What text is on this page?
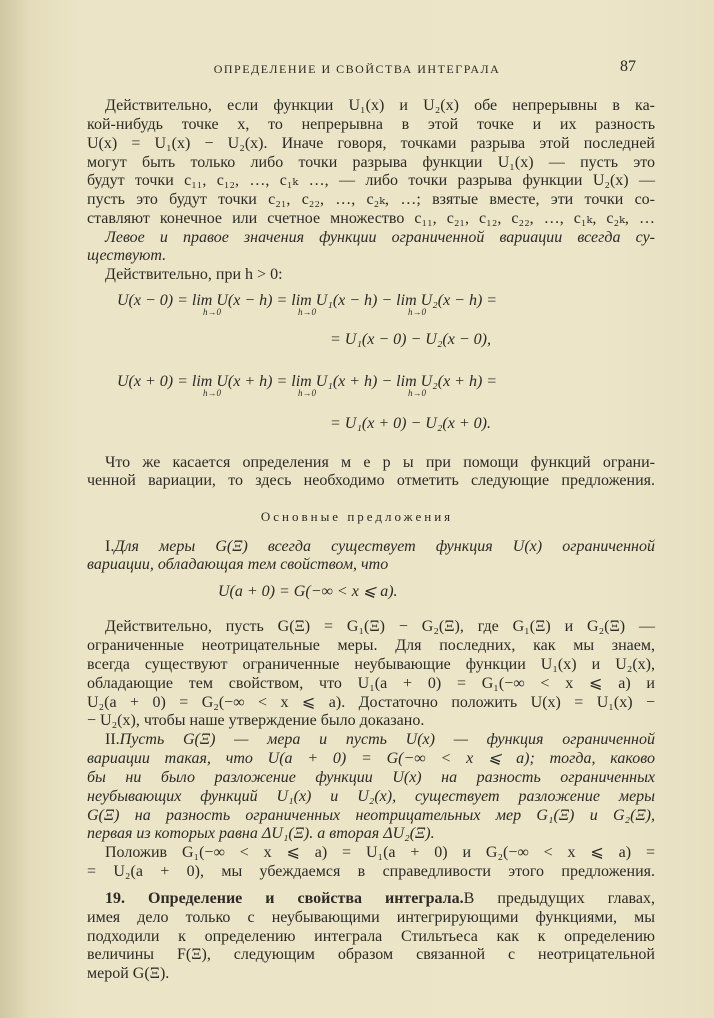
ОПРЕДЕЛЕНИЕ И СВОЙСТВА ИНТЕГРАЛА	87
Основные предложения
Действительно, если функции U₁(x) и U₂(x) обе непрерывны в ка-
кой-нибудь точке x, то непрерывна в этой точке и их разность
U(x) = U₁(x) − U₂(x). Иначе говоря, точками разрыва этой последней
могут быть только либо точки разрыва функции U₁(x) — пусть это
будут точки c₁₁, c₁₂, …, c₁ₖ …, — либо точки разрыва функции U₂(x) —
пусть это будут точки c₂₁, c₂₂, …, c₂ₖ, …; взятые вместе, эти точки со-
ставляют конечное или счетное множество c₁₁, c₂₁, c₁₂, c₂₂, …, c₁ₖ, c₂ₖ, …
Левое и правое значения функции ограниченной вариации всегда су-
ществуют.
Действительно, при h > 0:
Что же касается определения м е р ы при помощи функций ограни-
ченной вариации, то здесь необходимо отметить следующие предложения.
I.Для меры G(Ξ) всегда существует функция U(x) ограниченной
вариации, обладающая тем свойством, что
Действительно, пусть G(Ξ) = G₁(Ξ) − G₂(Ξ), где G₁(Ξ) и G₂(Ξ) —
ограниченные неотрицательные меры. Для последних, как мы знаем,
всегда существуют ограниченные неубывающие функции U₁(x) и U₂(x),
обладающие тем свойством, что U₁(a + 0) = G₁(−∞ < x ⩽ a) и
U₂(a + 0) = G₂(−∞ < x ⩽ a). Достаточно положить U(x) = U₁(x) −
− U₂(x), чтобы наше утверждение было доказано.
II.Пусть G(Ξ) — мера и пусть U(x) — функция ограниченной
вариации такая, что U(a + 0) = G(−∞ < x ⩽ a); тогда, каково
бы ни было разложение функции U(x) на разность ограниченных
неубывающих функций U₁(x) и U₂(x), существует разложение меры
G(Ξ) на разность ограниченных неотрицательных мер G₁(Ξ) и G₂(Ξ),
первая из которых равна ΔU₁(Ξ). а вторая ΔU₂(Ξ).
Положив G₁(−∞ < x ⩽ a) = U₁(a + 0) и G₂(−∞ < x ⩽ a) =
= U₂(a + 0), мы убеждаемся в справедливости этого предложения.
19. Определение и свойства интеграла.В предыдущих главах,
имея дело только с неубывающими интегрирующими функциями, мы
подходили к определению интеграла Стильтьеса как к определению
величины F(Ξ), следующим образом связанной с неотрицательной
мерой G(Ξ).
U(x − 0) = lim U(x − h) = lim U₁(x − h) − lim U₂(x − h) =
= U₁(x − 0) − U₂(x − 0),
U(x + 0) = lim U(x + h) = lim U₁(x + h) − lim U₂(x + h) =
= U₁(x + 0) − U₂(x + 0).
U(a + 0) = G(−∞ < x ⩽ a).
h→0	h→0	h→0
h→0	h→0	h→0
